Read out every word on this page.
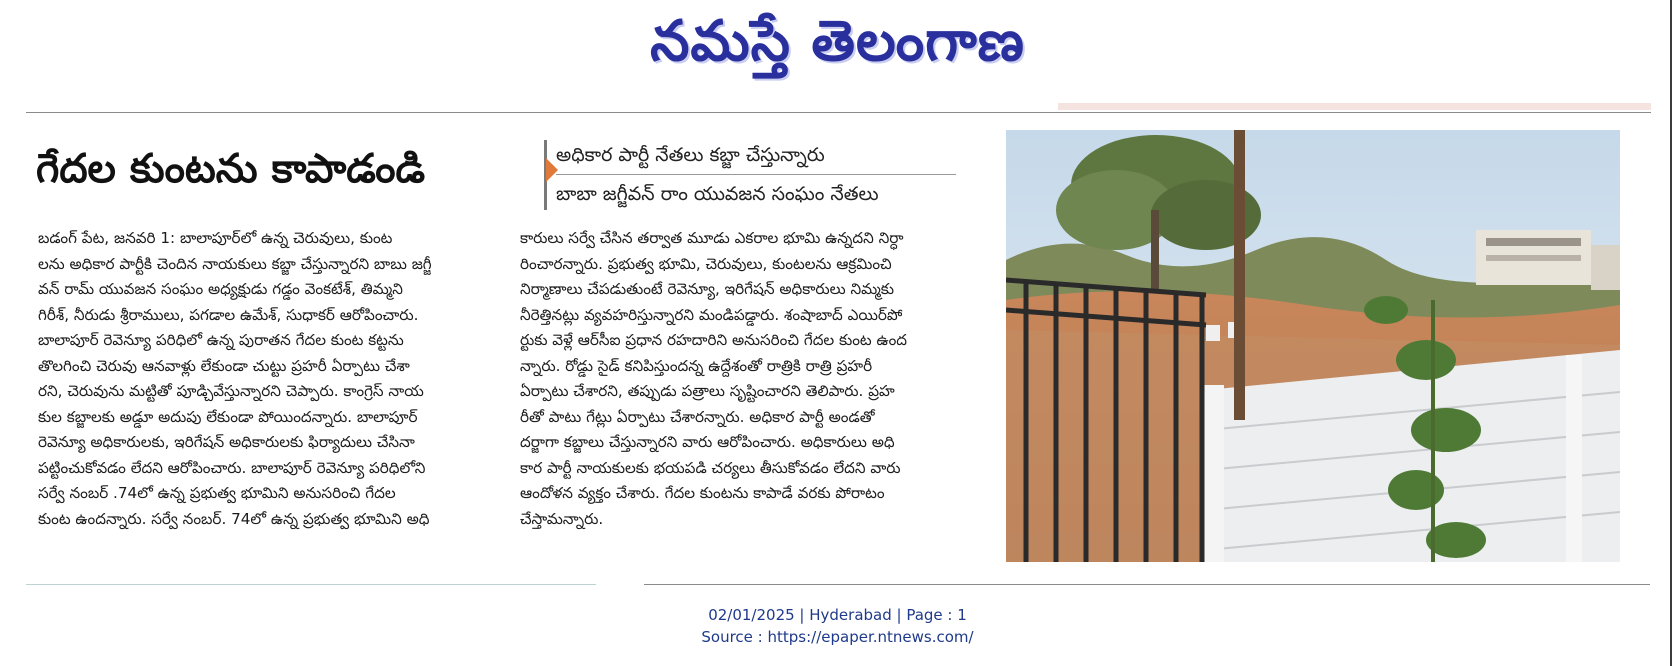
నమస్తే తెలంగాణ
గేదల కుంటను కాపాడండి	అధికార పార్టీ నేతలు కబ్జా చేస్తున్నారు
బాబా జగ్జీవన్ రాం యువజన సంఘం నేతలు

బడంగ్ పేట, జనవరి 1: బాలాపూర్‌లో ఉన్న చెరువులు, కుంట

లను అధికార పార్టీకి చెందిన నాయకులు కబ్జా చేస్తున్నారని బాబు జగ్జీ

వన్ రామ్ యువజన సంఘం అధ్యక్షుడు గడ్డం వెంకటేశ్, తిమ్మని

గిరీశ్, నీరుడు శ్రీరాములు, పగడాల ఉమేశ్, సుధాకర్ ఆరోపించారు.

బాలాపూర్ రెవెన్యూ పరిధిలో ఉన్న పురాతన గేదల కుంట కట్టను

తొలగించి చెరువు ఆనవాళ్లు లేకుండా చుట్టు ప్రహరీ ఏర్పాటు చేశా

రని, చెరువును మట్టితో పూడ్చివేస్తున్నారని చెప్పారు. కాంగ్రెస్ నాయ

కుల కబ్జాలకు అడ్డూ అదుపు లేకుండా పోయిందన్నారు. బాలాపూర్

రెవెన్యూ అధికారులకు, ఇరిగేషన్ అధికారులకు ఫిర్యాదులు చేసినా

పట్టించుకోవడం లేదని ఆరోపించారు. బాలాపూర్ రెవెన్యూ పరిధిలోని

సర్వే నంబర్ .74లో ఉన్న ప్రభుత్వ భూమిని అనుసరించి గేదల

కుంట ఉందన్నారు. సర్వే నంబర్. 74లో ఉన్న ప్రభుత్వ భూమిని అధి

కారులు సర్వే చేసిన తర్వాత మూడు ఎకరాల భూమి ఉన్నదని నిర్ధా

రించారన్నారు. ప్రభుత్వ భూమి, చెరువులు, కుంటలను ఆక్రమించి

నిర్మాణాలు చేపడుతుంటే రెవెన్యూ, ఇరిగేషన్ అధికారులు నిమ్మకు

నీరెత్తినట్లు వ్యవహరిస్తున్నారని మండిపడ్డారు. శంషాబాద్ ఎయిర్‌పో

ర్టుకు వెళ్లే ఆర్‌సీఐ ప్రధాన రహదారిని అనుసరించి గేదల కుంట ఉంద

న్నారు. రోడ్డు సైడ్ కనిపిస్తుందన్న ఉద్దేశంతో రాత్రికి రాత్రి ప్రహరీ

ఏర్పాటు చేశారని, తప్పుడు పత్రాలు సృష్టించారని తెలిపారు. ప్రహ

రీతో పాటు గేట్లు ఏర్పాటు చేశారన్నారు. అధికార పార్టీ అండతో

దర్జాగా కబ్జాలు చేస్తున్నారని వారు ఆరోపించారు. అధికారులు అధి

కార పార్టీ నాయకులకు భయపడి చర్యలు తీసుకోవడం లేదని వారు

ఆందోళన వ్యక్తం చేశారు. గేదల కుంటను కాపాడే వరకు పోరాటం

చేస్తామన్నారు.

02/01/2025 | Hyderabad | Page : 1
Source : https://epaper.ntnews.com/
